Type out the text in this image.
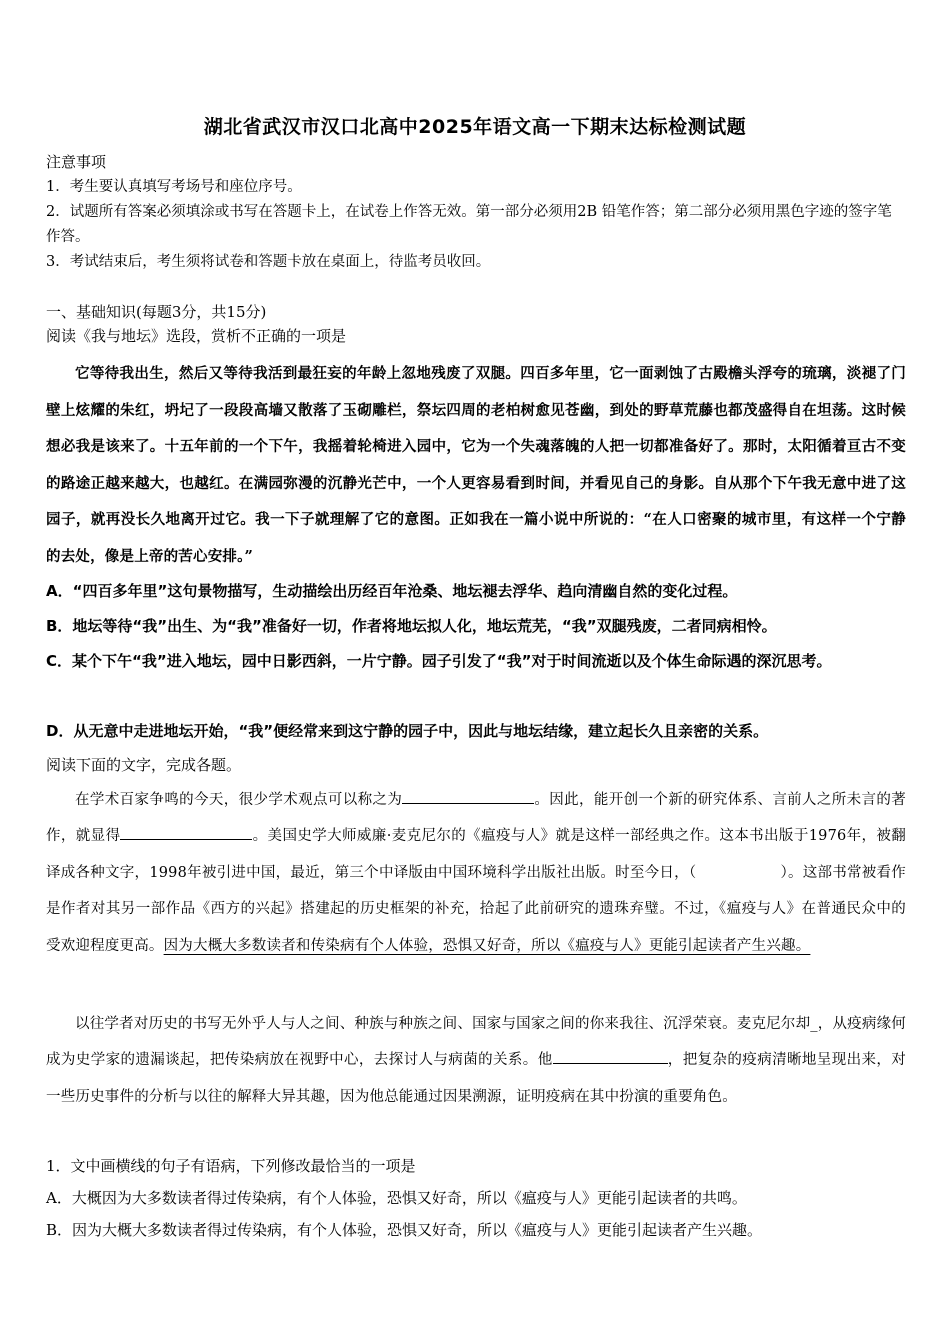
湖北省武汉市汉口北高中2025年语文高一下期末达标检测试题
注意事项
1．考生要认真填写考场号和座位序号。
2．试题所有答案必须填涂或书写在答题卡上，在试卷上作答无效。第一部分必须用2B 铅笔作答；第二部分必须用黑色字迹的签字笔作答。
3．考试结束后，考生须将试卷和答题卡放在桌面上，待监考员收回。
一、基础知识(每题3分，共15分)
阅读《我与地坛》选段，赏析不正确的一项是
它等待我出生，然后又等待我活到最狂妄的年龄上忽地残废了双腿。四百多年里，它一面剥蚀了古殿檐头浮夸的琉璃，淡褪了门壁上炫耀的朱红，坍圮了一段段高墙又散落了玉砌雕栏，祭坛四周的老柏树愈见苍幽，到处的野草荒藤也都茂盛得自在坦荡。这时候想必我是该来了。十五年前的一个下午，我摇着轮椅进入园中，它为一个失魂落魄的人把一切都准备好了。那时，太阳循着亘古不变的路途正越来越大，也越红。在满园弥漫的沉静光芒中，一个人更容易看到时间，并看见自己的身影。自从那个下午我无意中进了这园子，就再没长久地离开过它。我一下子就理解了它的意图。正如我在一篇小说中所说的：“在人口密聚的城市里，有这样一个宁静的去处，像是上帝的苦心安排。”
A．“四百多年里”这句景物描写，生动描绘出历经百年沧桑、地坛褪去浮华、趋向清幽自然的变化过程。
B．地坛等待“我”出生、为“我”准备好一切，作者将地坛拟人化，地坛荒芜，“我”双腿残废，二者同病相怜。
C．某个下午“我”进入地坛，园中日影西斜，一片宁静。园子引发了“我”对于时间流逝以及个体生命际遇的深沉思考。
D．从无意中走进地坛开始，“我”便经常来到这宁静的园子中，因此与地坛结缘，建立起长久且亲密的关系。
阅读下面的文字，完成各题。
在学术百家争鸣的今天，很少学术观点可以称之为	。因此，能开创一个新的研究体系、言前人之所未言的著作，就显得	。美国史学大师威廉·麦克尼尔的《瘟疫与人》就是这样一部经典之作。这本书出版于1976年，被翻译成各种文字，1998年被引进中国，最近，第三个中译版由中国环境科学出版社出版。时至今日，（	）。这部书常被看作是作者对其另一部作品《西方的兴起》搭建起的历史框架的补充，拾起了此前研究的遗珠弃璧。不过，《瘟疫与人》在普通民众中的受欢迎程度更高。因为大概大多数读者和传染病有个人体验，恐惧又好奇，所以《瘟疫与人》更能引起读者产生兴趣。
以往学者对历史的书写无外乎人与人之间、种族与种族之间、国家与国家之间的你来我往、沉浮荣衰。麦克尼尔却_，从疫病缘何成为史学家的遗漏谈起，把传染病放在视野中心，去探讨人与病菌的关系。他	，把复杂的疫病清晰地呈现出来，对一些历史事件的分析与以往的解释大异其趣，因为他总能通过因果溯源，证明疫病在其中扮演的重要角色。
1．文中画横线的句子有语病，下列修改最恰当的一项是
A．大概因为大多数读者得过传染病，有个人体验，恐惧又好奇，所以《瘟疫与人》更能引起读者的共鸣。
B．因为大概大多数读者得过传染病，有个人体验，恐惧又好奇，所以《瘟疫与人》更能引起读者产生兴趣。
